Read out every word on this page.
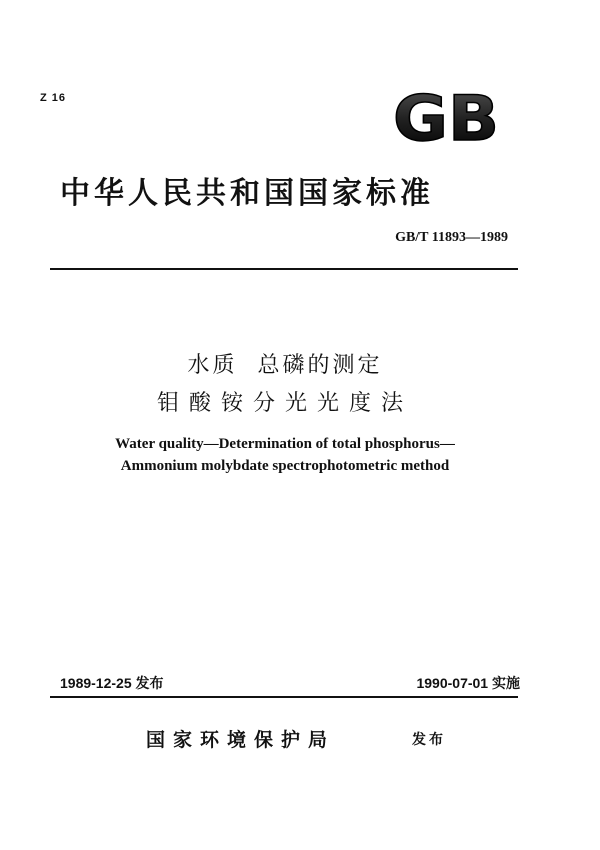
Z 16	GB
中华人民共和国国家标准
GB/T 11893—1989
水质  总磷的测定
钼酸铵分光光度法
Water quality—Determination of total phosphorus—
Ammonium molybdate spectrophotometric method
1989-12-25 发布	1990-07-01 实施
国家环境保护局	发布
